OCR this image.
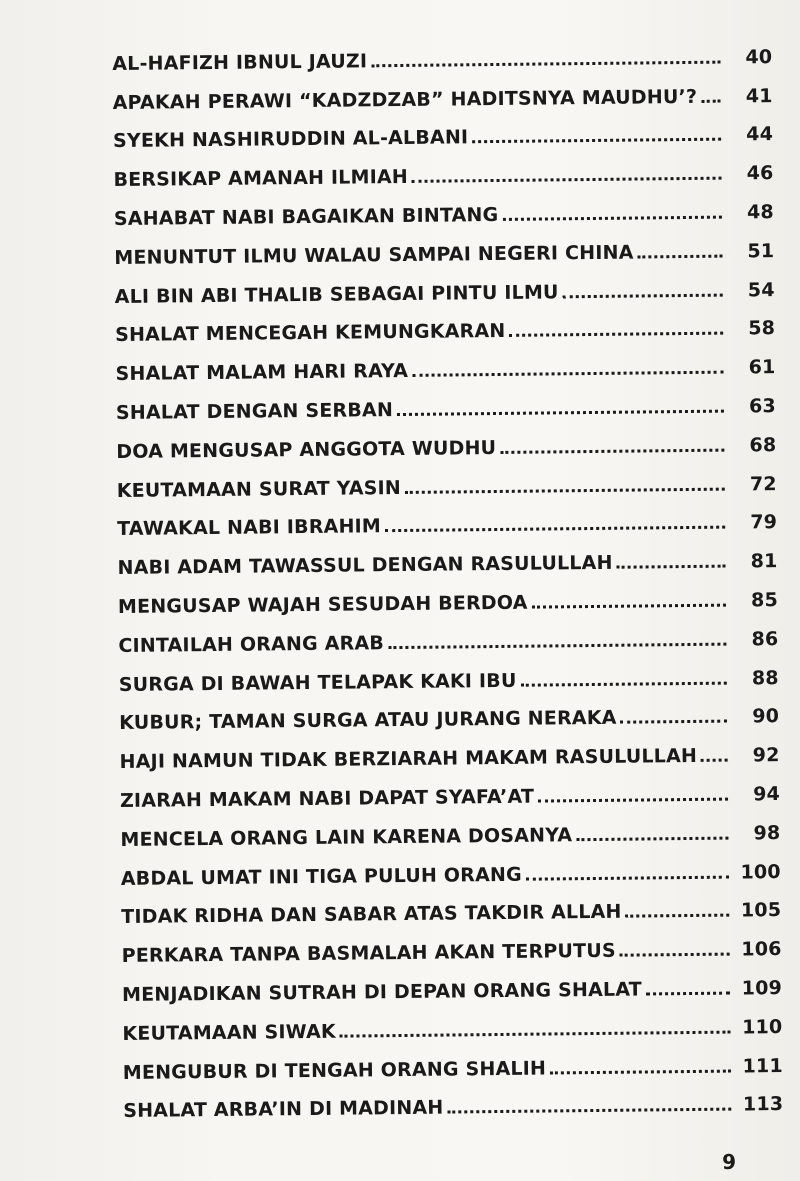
AL-HAFIZH IBNUL JAUZI	40
APAKAH PERAWI “KADZDZAB” HADITSNYA MAUDHU’?	41
SYEKH NASHIRUDDIN AL-ALBANI	44
BERSIKAP AMANAH ILMIAH	46
SAHABAT NABI BAGAIKAN BINTANG	48
MENUNTUT ILMU WALAU SAMPAI NEGERI CHINA	51
ALI BIN ABI THALIB SEBAGAI PINTU ILMU	54
SHALAT MENCEGAH KEMUNGKARAN	58
SHALAT MALAM HARI RAYA	61
SHALAT DENGAN SERBAN	63
DOA MENGUSAP ANGGOTA WUDHU	68
KEUTAMAAN SURAT YASIN	72
TAWAKAL NABI IBRAHIM	79
NABI ADAM TAWASSUL DENGAN RASULULLAH	81
MENGUSAP WAJAH SESUDAH BERDOA	85
CINTAILAH ORANG ARAB	86
SURGA DI BAWAH TELAPAK KAKI IBU	88
KUBUR; TAMAN SURGA ATAU JURANG NERAKA	90
HAJI NAMUN TIDAK BERZIARAH MAKAM RASULULLAH	92
ZIARAH MAKAM NABI DAPAT SYAFA’AT	94
MENCELA ORANG LAIN KARENA DOSANYA	98
ABDAL UMAT INI TIGA PULUH ORANG	100
TIDAK RIDHA DAN SABAR ATAS TAKDIR ALLAH	105
PERKARA TANPA BASMALAH AKAN TERPUTUS	106
MENJADIKAN SUTRAH DI DEPAN ORANG SHALAT	109
KEUTAMAAN SIWAK	110
MENGUBUR DI TENGAH ORANG SHALIH	111
SHALAT ARBA’IN DI MADINAH	113
9
